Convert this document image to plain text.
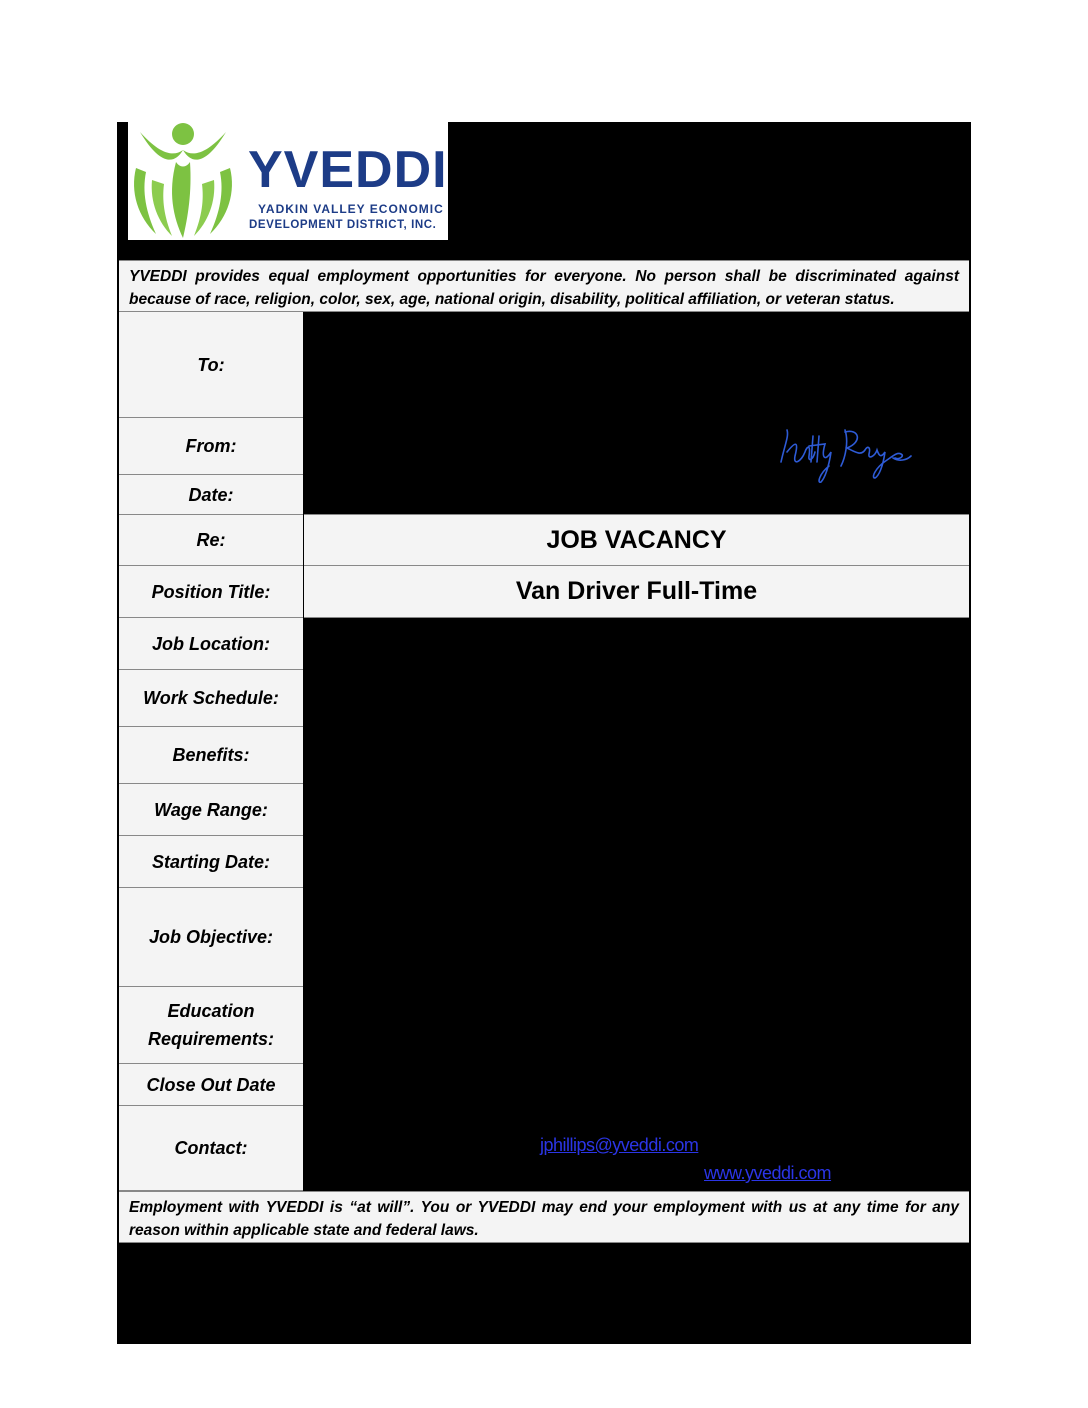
YVEDDI
YADKIN VALLEY ECONOMIC
DEVELOPMENT DISTRICT, INC.
YVEDDI provides equal employment opportunities for everyone. No person shall be discriminated against because of race, religion, color, sex, age, national origin, disability, political affiliation, or veteran status.
To:
From:
Date:
Re:
Position Title:
Job Location:
Work Schedule:
Benefits:
Wage Range:
Starting Date:
Job Objective:
Education
Requirements:
Close Out Date
Contact:
JOB VACANCY
Van Driver Full-Time
jphillips@yveddi.com
www.yveddi.com
Employment with YVEDDI is “at will”. You or YVEDDI may end your employment with us at any time for any reason within applicable state and federal laws.
